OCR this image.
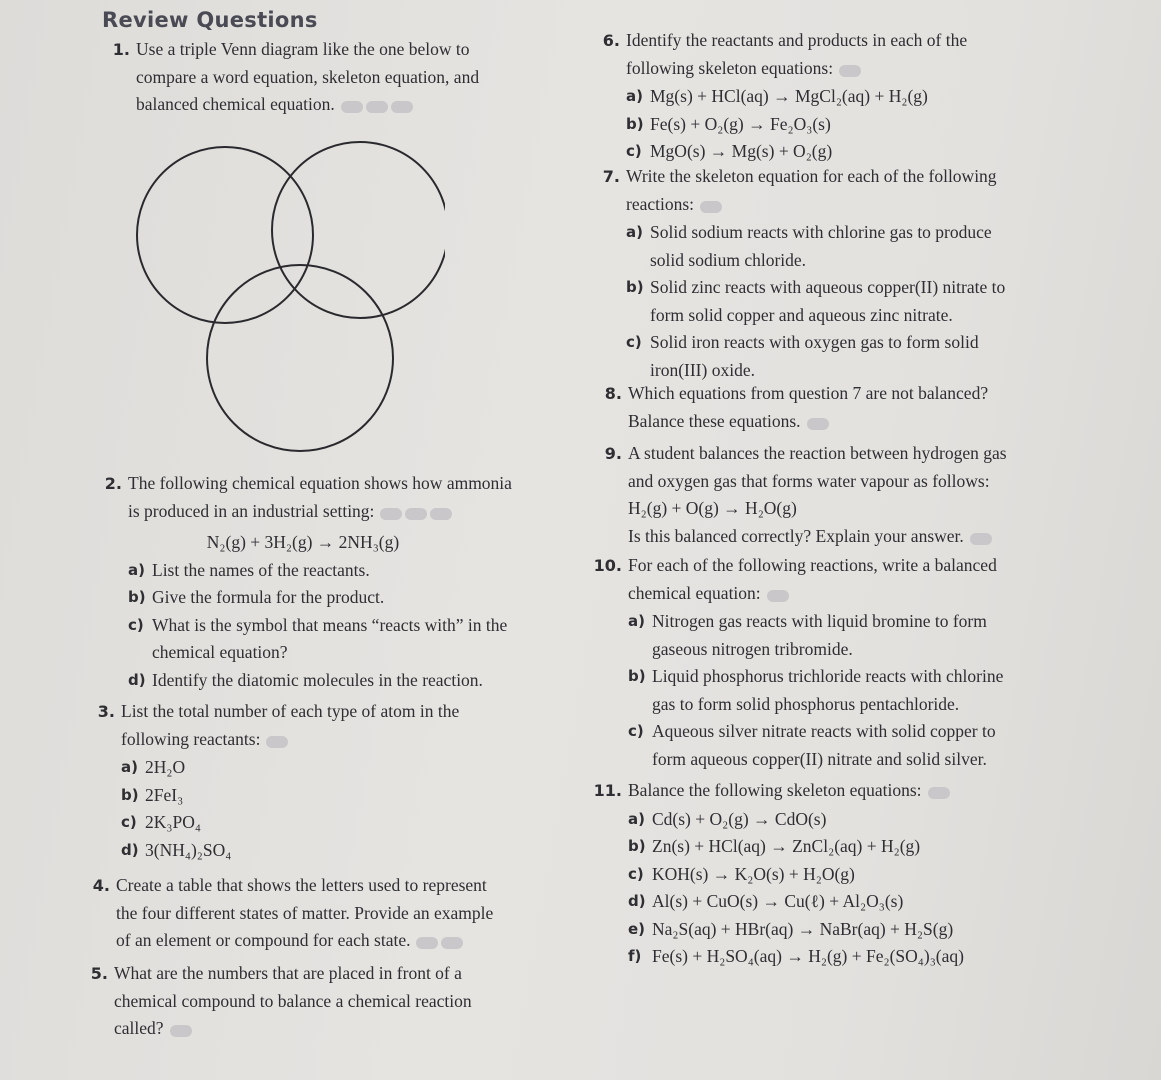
Review Questions
1. Use a triple Venn diagram like the one below to
compare a word equation, skeleton equation, and
balanced chemical equation.
2. The following chemical equation shows how ammonia
is produced in an industrial setting:
N₂(g) + 3H₂(g) → 2NH₃(g)
a) List the names of the reactants.
b) Give the formula for the product.
c) What is the symbol that means “reacts with” in the
chemical equation?
d) Identify the diatomic molecules in the reaction.
3. List the total number of each type of atom in the
following reactants:
a) 2H₂O
b) 2FeI₃
c) 2K₃PO₄
d) 3(NH₄)₂SO₄
4. Create a table that shows the letters used to represent
the four different states of matter. Provide an example
of an element or compound for each state.
5. What are the numbers that are placed in front of a
chemical compound to balance a chemical reaction
called?
6. Identify the reactants and products in each of the
following skeleton equations:
a) Mg(s) + HCl(aq) → MgCl₂(aq) + H₂(g)
b) Fe(s) + O₂(g) → Fe₂O₃(s)
c) MgO(s) → Mg(s) + O₂(g)
7. Write the skeleton equation for each of the following
reactions:
a) Solid sodium reacts with chlorine gas to produce
solid sodium chloride.
b) Solid zinc reacts with aqueous copper(II) nitrate to
form solid copper and aqueous zinc nitrate.
c) Solid iron reacts with oxygen gas to form solid
iron(III) oxide.
8. Which equations from question 7 are not balanced?
Balance these equations.
9. A student balances the reaction between hydrogen gas
and oxygen gas that forms water vapour as follows:
H₂(g) + O(g) → H₂O(g)
Is this balanced correctly? Explain your answer.
10. For each of the following reactions, write a balanced
chemical equation:
a) Nitrogen gas reacts with liquid bromine to form
gaseous nitrogen tribromide.
b) Liquid phosphorus trichloride reacts with chlorine
gas to form solid phosphorus pentachloride.
c) Aqueous silver nitrate reacts with solid copper to
form aqueous copper(II) nitrate and solid silver.
11. Balance the following skeleton equations:
a) Cd(s) + O₂(g) → CdO(s)
b) Zn(s) + HCl(aq) → ZnCl₂(aq) + H₂(g)
c) KOH(s) → K₂O(s) + H₂O(g)
d) Al(s) + CuO(s) → Cu(ℓ) + Al₂O₃(s)
e) Na₂S(aq) + HBr(aq) → NaBr(aq) + H₂S(g)
f) Fe(s) + H₂SO₄(aq) → H₂(g) + Fe₂(SO₄)₃(aq)
